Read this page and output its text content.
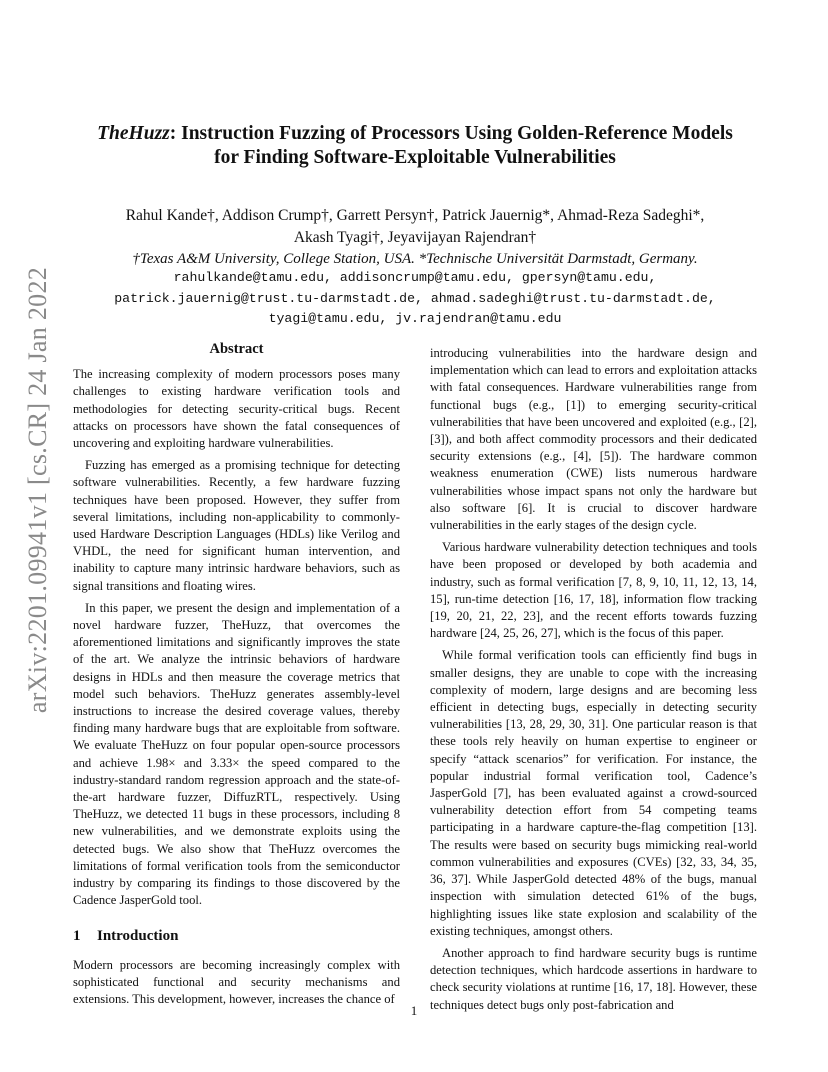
arXiv:2201.09941v1 [cs.CR] 24 Jan 2022
TheHuzz: Instruction Fuzzing of Processors Using Golden-Reference Models
for Finding Software-Exploitable Vulnerabilities
Rahul Kande†, Addison Crump†, Garrett Persyn†, Patrick Jauernig*, Ahmad-Reza Sadeghi*,
Akash Tyagi†, Jeyavijayan Rajendran†
†Texas A&M University, College Station, USA. *Technische Universität Darmstadt, Germany.
rahulkande@tamu.edu, addisoncrump@tamu.edu, gpersyn@tamu.edu,
patrick.jauernig@trust.tu-darmstadt.de, ahmad.sadeghi@trust.tu-darmstadt.de,
tyagi@tamu.edu, jv.rajendran@tamu.edu
Abstract

The increasing complexity of modern processors poses many challenges to existing hardware verification tools and methodologies for detecting security-critical bugs. Recent attacks on processors have shown the fatal consequences of uncovering and exploiting hardware vulnerabilities.

Fuzzing has emerged as a promising technique for detecting software vulnerabilities. Recently, a few hardware fuzzing techniques have been proposed. However, they suffer from several limitations, including non-applicability to commonly-used Hardware Description Languages (HDLs) like Verilog and VHDL, the need for significant human intervention, and inability to capture many intrinsic hardware behaviors, such as signal transitions and floating wires.

In this paper, we present the design and implementation of a novel hardware fuzzer, TheHuzz, that overcomes the aforementioned limitations and significantly improves the state of the art. We analyze the intrinsic behaviors of hardware designs in HDLs and then measure the coverage metrics that model such behaviors. TheHuzz generates assembly-level instructions to increase the desired coverage values, thereby finding many hardware bugs that are exploitable from software. We evaluate TheHuzz on four popular open-source processors and achieve 1.98× and 3.33× the speed compared to the industry-standard random regression approach and the state-of-the-art hardware fuzzer, DiffuzRTL, respectively. Using TheHuzz, we detected 11 bugs in these processors, including 8 new vulnerabilities, and we demonstrate exploits using the detected bugs. We also show that TheHuzz overcomes the limitations of formal verification tools from the semiconductor industry by comparing its findings to those discovered by the Cadence JasperGold tool.

1 Introduction

Modern processors are becoming increasingly complex with sophisticated functional and security mechanisms and extensions. This development, however, increases the chance of

introducing vulnerabilities into the hardware design and implementation which can lead to errors and exploitation attacks with fatal consequences. Hardware vulnerabilities range from functional bugs (e.g., [1]) to emerging security-critical vulnerabilities that have been uncovered and exploited (e.g., [2],[3]), and both affect commodity processors and their dedicated security extensions (e.g., [4], [5]). The hardware common weakness enumeration (CWE) lists numerous hardware vulnerabilities whose impact spans not only the hardware but also software [6]. It is crucial to discover hardware vulnerabilities in the early stages of the design cycle.

Various hardware vulnerability detection techniques and tools have been proposed or developed by both academia and industry, such as formal verification [7, 8, 9, 10, 11, 12, 13, 14, 15], run-time detection [16, 17, 18], information flow tracking [19, 20, 21, 22, 23], and the recent efforts towards fuzzing hardware [24, 25, 26, 27], which is the focus of this paper.

While formal verification tools can efficiently find bugs in smaller designs, they are unable to cope with the increasing complexity of modern, large designs and are becoming less efficient in detecting bugs, especially in detecting security vulnerabilities [13, 28, 29, 30, 31]. One particular reason is that these tools rely heavily on human expertise to engineer or specify “attack scenarios” for verification. For instance, the popular industrial formal verification tool, Cadence’s JasperGold [7], has been evaluated against a crowd-sourced vulnerability detection effort from 54 competing teams participating in a hardware capture-the-flag competition [13]. The results were based on security bugs mimicking real-world common vulnerabilities and exposures (CVEs) [32, 33, 34, 35, 36, 37]. While JasperGold detected 48% of the bugs, manual inspection with simulation detected 61% of the bugs, highlighting issues like state explosion and scalability of the existing techniques, amongst others.

Another approach to find hardware security bugs is runtime detection techniques, which hardcode assertions in hardware to check security violations at runtime [16, 17, 18]. However, these techniques detect bugs only post-fabrication and

1
